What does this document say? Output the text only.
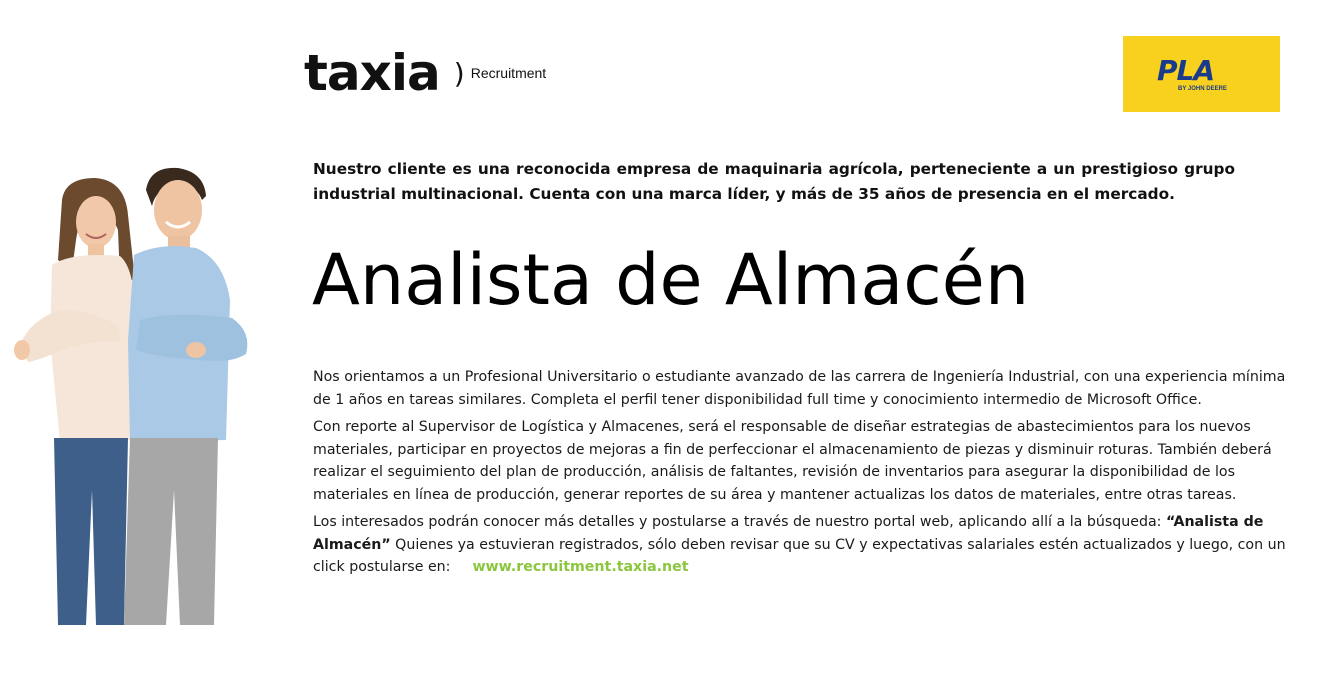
taxia ) Recruitment	PLA
BY JOHN DEERE
Nuestro cliente es una reconocida empresa de maquinaria agrícola, perteneciente a un prestigioso grupo industrial multinacional. Cuenta con una marca líder, y más de 35 años de presencia en el mercado.
Analista de Almacén

Nos orientamos a un Profesional Universitario o estudiante avanzado de las carrera de Ingeniería Industrial, con una experiencia mínima de 1 años en tareas similares. Completa el perfil tener disponibilidad full time y conocimiento intermedio de Microsoft Office.

Con reporte al Supervisor de Logística y Almacenes, será el responsable de diseñar estrategias de abastecimientos para los nuevos materiales, participar en proyectos de mejoras a fin de perfeccionar el almacenamiento de piezas y disminuir roturas. También deberá realizar el seguimiento del plan de producción, análisis de faltantes, revisión de inventarios para asegurar la disponibilidad de los materiales en línea de producción, generar reportes de su área y mantener actualizas los datos de materiales, entre otras tareas.

Los interesados podrán conocer más detalles y postularse a través de nuestro portal web, aplicando allí a la búsqueda: “Analista de Almacén” Quienes ya estuvieran registrados, sólo deben revisar que su CV y expectativas salariales estén actualizados y luego, con un click postularse en: www.recruitment.taxia.net
